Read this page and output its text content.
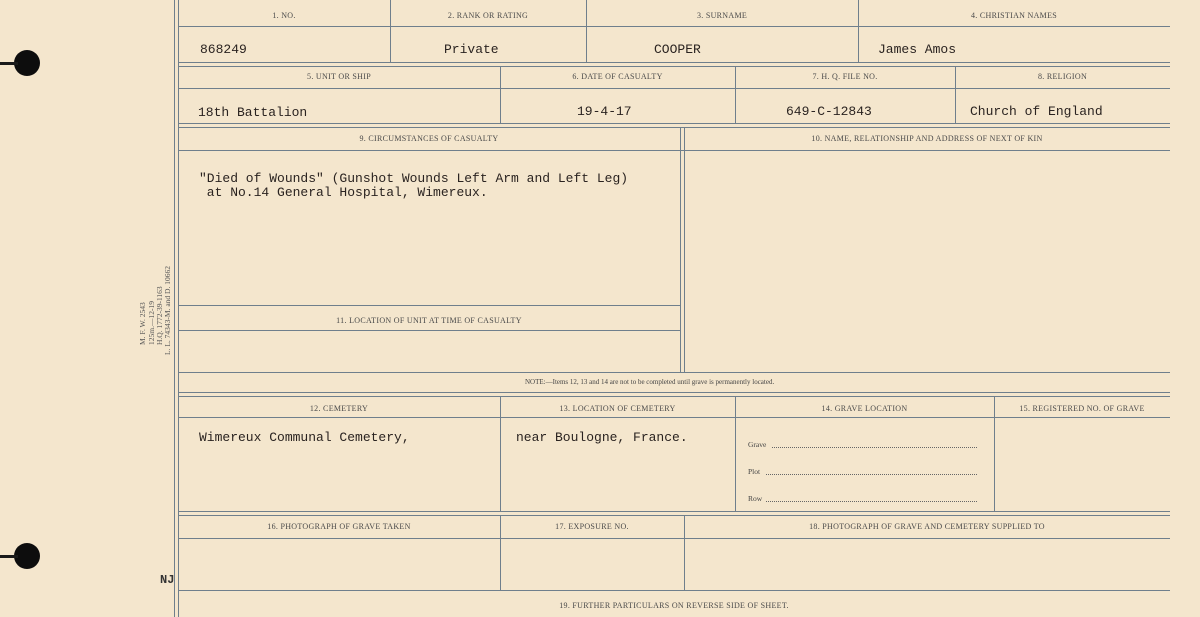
M. F. W. 2543 125m.—12-19 H.Q. 1772-39-1163 L. L. 74343-M. and D. 10662
NJ
1. NO.	2. RANK OR RATING	3. SURNAME	4. CHRISTIAN NAMES
868249	Private	COOPER	James Amos
5. UNIT OR SHIP	6. DATE OF CASUALTY	7. H. Q. FILE NO.	8. RELIGION
18th Battalion	19-4-17	649-C-12843	Church of England
9. CIRCUMSTANCES OF CASUALTY	10. NAME, RELATIONSHIP AND ADDRESS OF NEXT OF KIN
"Died of Wounds" (Gunshot Wounds Left Arm and Left Leg)
at No.14 General Hospital, Wimereux.
11. LOCATION OF UNIT AT TIME OF CASUALTY
NOTE:—Items 12, 13 and 14 are not to be completed until grave is permanently located.
12. CEMETERY	13. LOCATION OF CEMETERY	14. GRAVE LOCATION	15. REGISTERED NO. OF GRAVE
Wimereux Communal Cemetery,	near Boulogne, France.	Grave
Plot
Row
16. PHOTOGRAPH OF GRAVE TAKEN	17. EXPOSURE NO.	18. PHOTOGRAPH OF GRAVE AND CEMETERY SUPPLIED TO
19. FURTHER PARTICULARS ON REVERSE SIDE OF SHEET.
